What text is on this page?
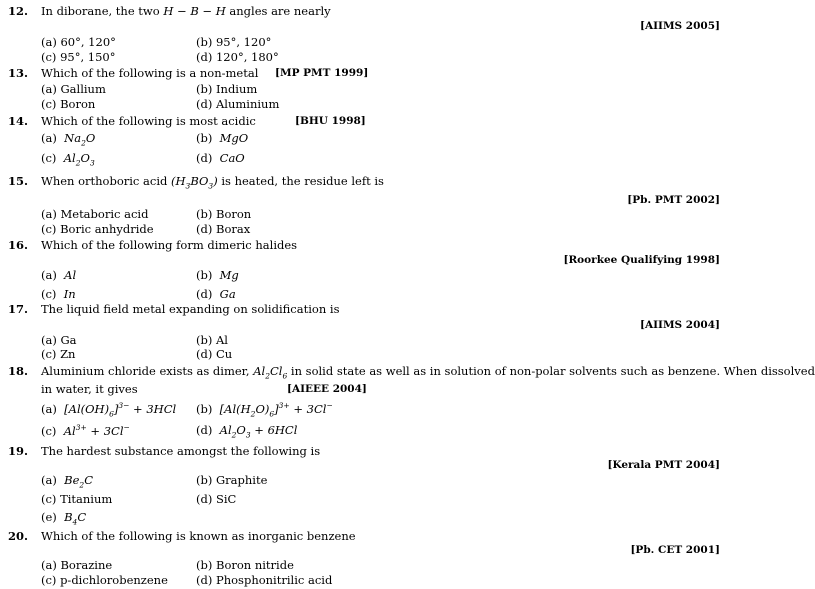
12. In diborane, the two H − B − H angles are nearly
[AIIMS 2005]
(a) 60°, 120°	(b) 95°, 120°
(c) 95°, 150°	(d) 120°, 180°
13. Which of the following is a non-metal [MP PMT 1999]
(a) Gallium	(b) Indium
(c) Boron	(d) Aluminium
14. Which of the following is most acidic	[BHU 1998]
(a) $Na_2O$	(b) MgO
(c) $Al_2O_3$	(d) CaO
15. When orthoboric acid $(H_3BO_3)$ is heated, the residue left is
[Pb. PMT 2002]
(a) Metaboric acid	(b) Boron
(c) Boric anhydride	(d) Borax
16. Which of the following form dimeric halides
[Roorkee Qualifying 1998]
(a) Al	(b) Mg
(c) In	(d) Ga
17. The liquid field metal expanding on solidification is
[AIIMS 2004]
(a) Ga	(b) Al
(c) Zn	(d) Cu
18. Aluminium chloride exists as dimer, $Al_2Cl_6$ in solid state as well as in solution of non-polar solvents such as benzene. When dissolved
in water, it gives	[AIEEE 2004]
(a) $[Al(OH)_6]^{3-} + 3HCl$ (b) $[Al(H_2O)_6]^{3+} + 3Cl^-$
(c) $Al^{3+} + 3Cl^-$	(d) $Al_2O_3 + 6HCl$
19. The hardest substance amongst the following is
[Kerala PMT 2004]
(a) $Be_2C$	(b) Graphite
(c) Titanium	(d) SiC
(e) $B_4C$
20. Which of the following is known as inorganic benzene
[Pb. CET 2001]
(a) Borazine	(b) Boron nitride
(c) p-dichlorobenzene (d) Phosphonitrilic acid
